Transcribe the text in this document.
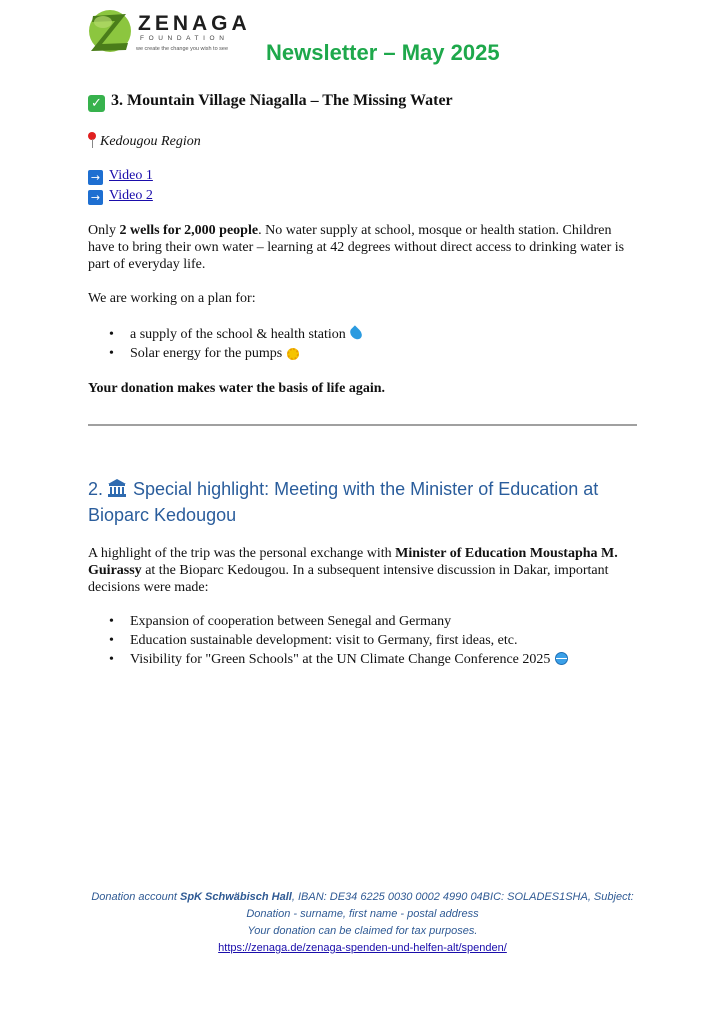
ZENAGA
FOUNDATION
we create the change you wish to see Newsletter – May 2025
✓ 3. Mountain Village Niagalla – The Missing Water
Kedougou Region
→ Video 1
→ Video 2
Only 2 wells for 2,000 people. No water supply at school, mosque or health station. Children have to bring their own water – learning at 42 degrees without direct access to drinking water is part of everyday life.
We are working on a plan for:
• a supply of the school & health station
• Solar energy for the pumps
Your donation makes water the basis of life again.
2. Special highlight: Meeting with the Minister of Education at Bioparc Kedougou
A highlight of the trip was the personal exchange with Minister of Education Moustapha M. Guirassy at the Bioparc Kedougou. In a subsequent intensive discussion in Dakar, important decisions were made:
• Expansion of cooperation between Senegal and Germany
• Education sustainable development: visit to Germany, first ideas, etc.
• Visibility for "Green Schools" at the UN Climate Change Conference 2025
Donation account SpK Schwäbisch Hall, IBAN: DE34 6225 0030 0002 4990 04BIC: SOLADES1SHA, Subject:
Donation - surname, first name - postal address
Your donation can be claimed for tax purposes.
https://zenaga.de/zenaga-spenden-und-helfen-alt/spenden/
